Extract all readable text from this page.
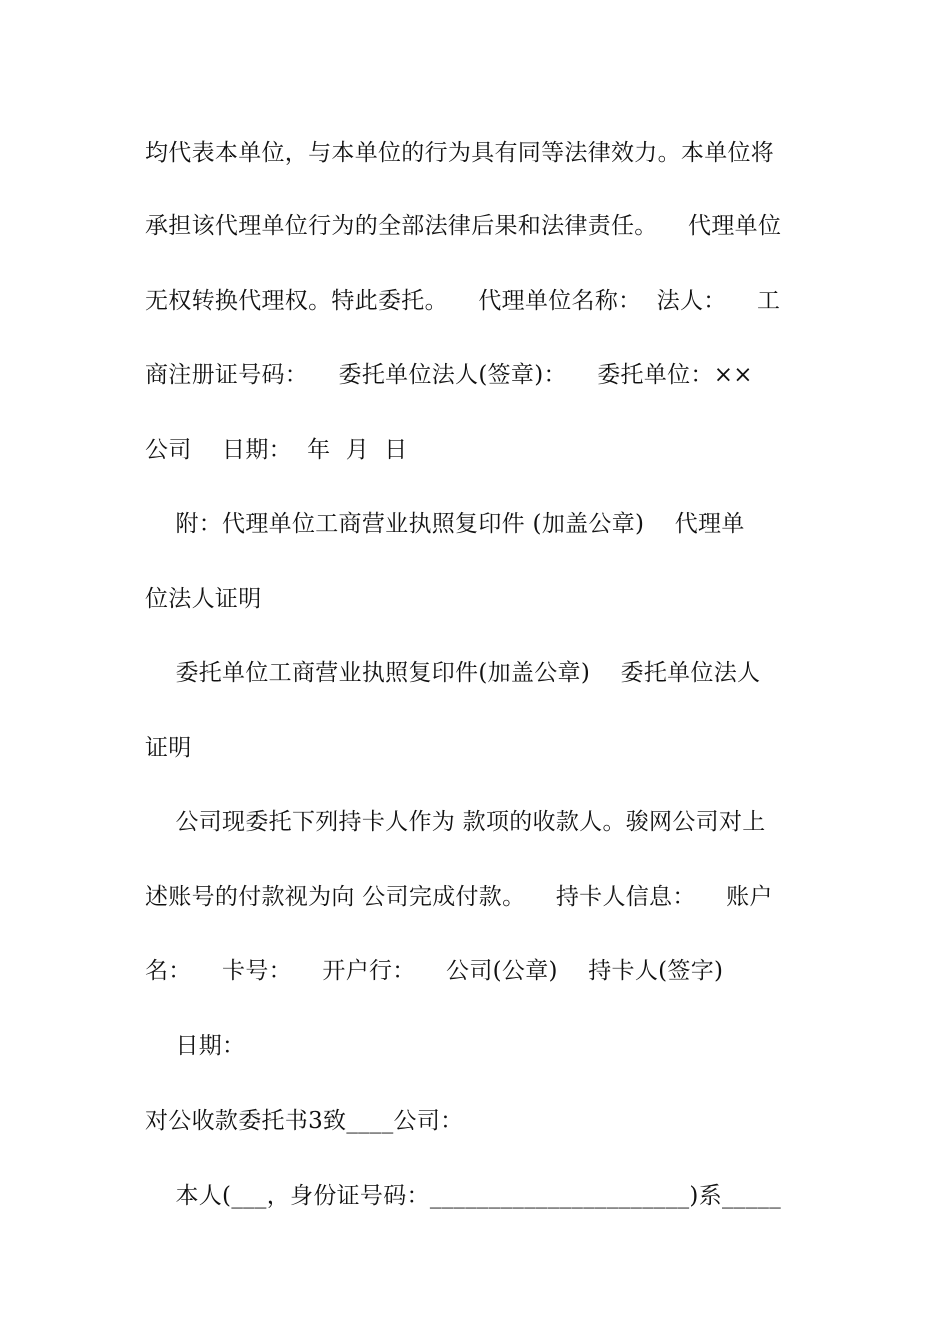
均代表本单位，与本单位的行为具有同等法律效力。本单位将
承担该代理单位行为的全部法律后果和法律责任。    代理单位
无权转换代理权。特此委托。    代理单位名称：  法人：    工
商注册证号码：    委托单位法人(签章)：    委托单位：××
公司    日期：  年  月  日
附：代理单位工商营业执照复印件 (加盖公章)    代理单
位法人证明
委托单位工商营业执照复印件(加盖公章)    委托单位法人
证明
公司现委托下列持卡人作为 款项的收款人。骏网公司对上
述账号的付款视为向 公司完成付款。    持卡人信息：    账户
名：    卡号：    开户行：    公司(公章)    持卡人(签字)
日期：
对公收款委托书3致____公司：
本人(___，身份证号码：______________________)系_____
